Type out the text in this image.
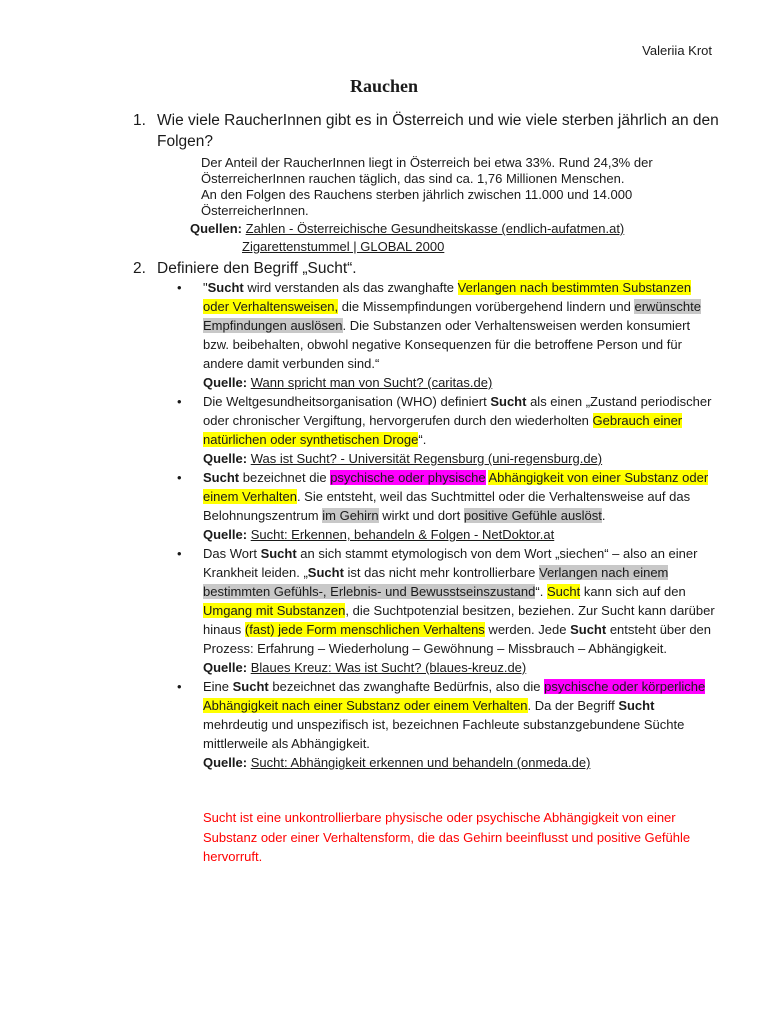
Valeriia Krot
Rauchen
1. Wie viele RaucherInnen gibt es in Österreich und wie viele sterben jährlich an den
Folgen?
Der Anteil der RaucherInnen liegt in Österreich bei etwa 33%. Rund 24,3% der
ÖsterreicherInnen rauchen täglich, das sind ca. 1,76 Millionen Menschen.
An den Folgen des Rauchens sterben jährlich zwischen 11.000 und 14.000
ÖsterreicherInnen.
Quellen: Zahlen - Österreichische Gesundheitskasse (endlich-aufatmen.at)
Zigarettenstummel | GLOBAL 2000
2. Definiere den Begriff „Sucht“.
• "Sucht wird verstanden als das zwanghafte Verlangen nach bestimmten Substanzen oder Verhaltensweisen, die Missempfindungen vorübergehend lindern und erwünschte Empfindungen auslösen. Die Substanzen oder Verhaltensweisen werden konsumiert bzw. beibehalten, obwohl negative Konsequenzen für die betroffene Person und für andere damit verbunden sind.“
Quelle: Wann spricht man von Sucht? (caritas.de)
• Die Weltgesundheitsorganisation (WHO) definiert Sucht als einen „Zustand periodischer oder chronischer Vergiftung, hervorgerufen durch den wiederholten Gebrauch einer natürlichen oder synthetischen Droge“.
Quelle: Was ist Sucht? - Universität Regensburg (uni-regensburg.de)
• Sucht bezeichnet die psychische oder physische Abhängigkeit von einer Substanz oder einem Verhalten. Sie entsteht, weil das Suchtmittel oder die Verhaltensweise auf das Belohnungszentrum im Gehirn wirkt und dort positive Gefühle auslöst.
Quelle: Sucht: Erkennen, behandeln & Folgen - NetDoktor.at
• Das Wort Sucht an sich stammt etymologisch von dem Wort „siechen“ – also an einer Krankheit leiden. „Sucht ist das nicht mehr kontrollierbare Verlangen nach einem bestimmten Gefühls-, Erlebnis- und Bewusstseinszustand“. Sucht kann sich auf den Umgang mit Substanzen, die Suchtpotenzial besitzen, beziehen. Zur Sucht kann darüber hinaus (fast) jede Form menschlichen Verhaltens werden. Jede Sucht entsteht über den Prozess: Erfahrung – Wiederholung – Gewöhnung – Missbrauch – Abhängigkeit.
Quelle: Blaues Kreuz: Was ist Sucht? (blaues-kreuz.de)
• Eine Sucht bezeichnet das zwanghafte Bedürfnis, also die psychische oder körperliche Abhängigkeit nach einer Substanz oder einem Verhalten. Da der Begriff Sucht mehrdeutig und unspezifisch ist, bezeichnen Fachleute substanzgebundene Süchte mittlerweile als Abhängigkeit.
Quelle: Sucht: Abhängigkeit erkennen und behandeln (onmeda.de)
Sucht ist eine unkontrollierbare physische oder psychische Abhängigkeit von einer Substanz oder einer Verhaltensform, die das Gehirn beeinflusst und positive Gefühle hervorruft.
